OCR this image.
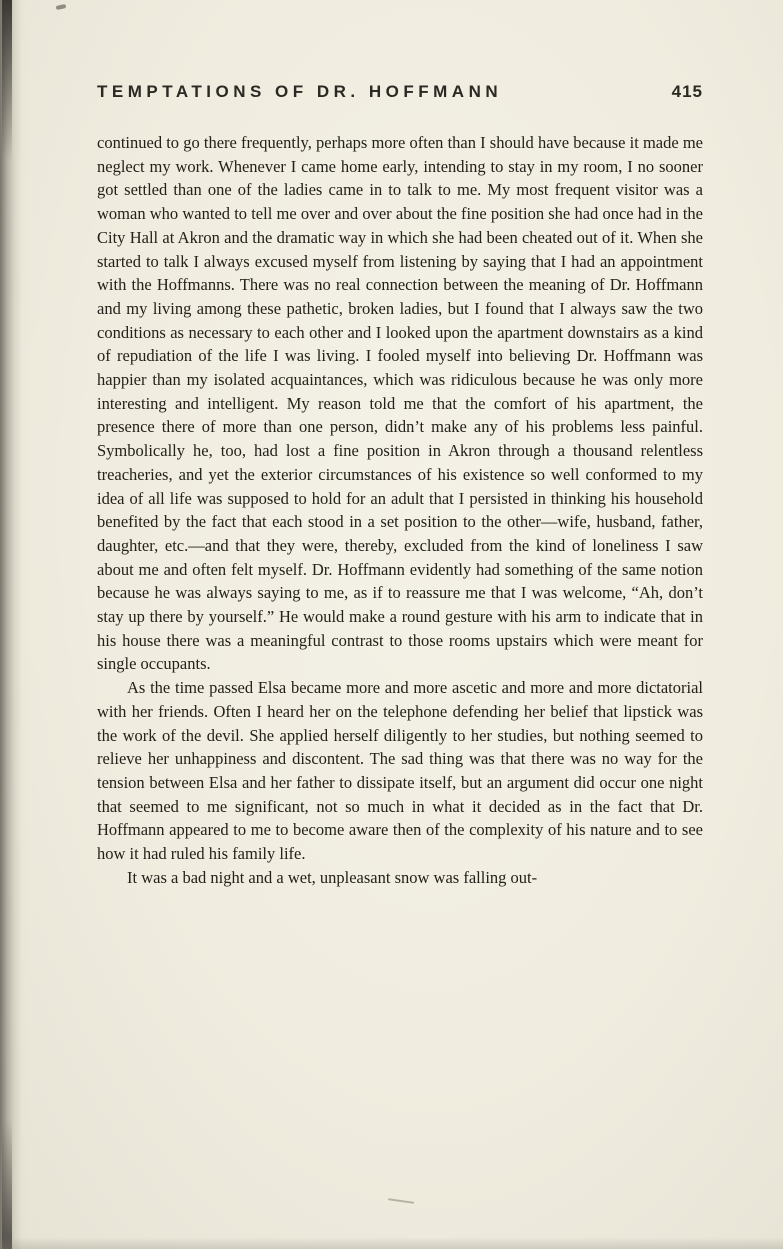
TEMPTATIONS OF DR. HOFFMANN	415

continued to go there frequently, perhaps more often than I should have because it made me neglect my work. Whenever I came home early, intending to stay in my room, I no sooner got settled than one of the ladies came in to talk to me. My most frequent visitor was a woman who wanted to tell me over and over about the fine position she had once had in the City Hall at Akron and the dramatic way in which she had been cheated out of it. When she started to talk I always excused myself from listening by saying that I had an appointment with the Hoffmanns. There was no real connection between the meaning of Dr. Hoffmann and my living among these pathetic, broken ladies, but I found that I always saw the two conditions as necessary to each other and I looked upon the apartment downstairs as a kind of repudiation of the life I was living. I fooled myself into believing Dr. Hoffmann was happier than my isolated acquaintances, which was ridiculous because he was only more interesting and intelligent. My reason told me that the comfort of his apartment, the presence there of more than one person, didn’t make any of his problems less painful. Symbolically he, too, had lost a fine position in Akron through a thousand relentless treacheries, and yet the exterior circumstances of his existence so well conformed to my idea of all life was supposed to hold for an adult that I persisted in thinking his household benefited by the fact that each stood in a set position to the other—wife, husband, father, daughter, etc.—and that they were, thereby, excluded from the kind of loneliness I saw about me and often felt myself. Dr. Hoffmann evidently had something of the same notion because he was always saying to me, as if to reassure me that I was welcome, “Ah, don’t stay up there by yourself.” He would make a round gesture with his arm to indicate that in his house there was a meaningful contrast to those rooms upstairs which were meant for single occupants.

As the time passed Elsa became more and more ascetic and more and more dictatorial with her friends. Often I heard her on the telephone defending her belief that lipstick was the work of the devil. She applied herself diligently to her studies, but nothing seemed to relieve her unhappiness and discontent. The sad thing was that there was no way for the tension between Elsa and her father to dissipate itself, but an argument did occur one night that seemed to me significant, not so much in what it decided as in the fact that Dr. Hoffmann appeared to me to become aware then of the complexity of his nature and to see how it had ruled his family life.

It was a bad night and a wet, unpleasant snow was falling out-
